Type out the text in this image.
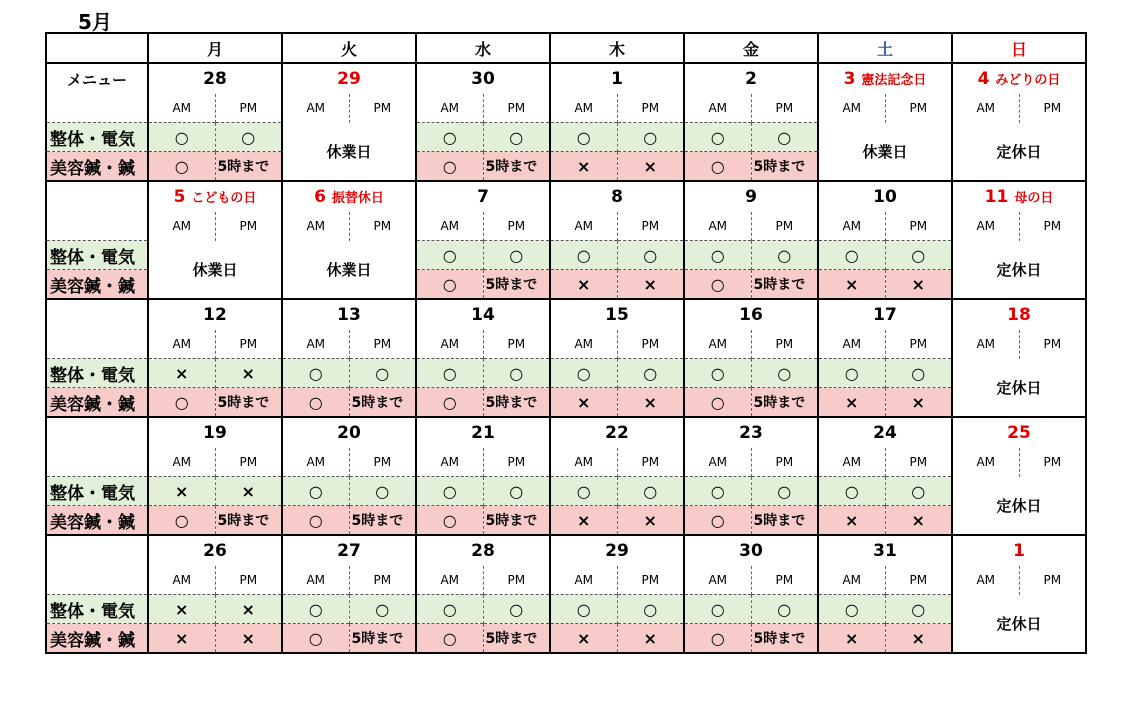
5月
	月		火		水		木		金		土		日	
メニュー	28		29		30		1		2		3 憲法記念日		4 みどりの日	
	AM	PM	AM	PM	AM	PM	AM	PM	AM	PM	AM	PM	AM	PM
整体・電気	○	○	休業日		○	○	○	○	○	○	休業日		定休日	
美容鍼・鍼	○	5時まで			○	5時まで	×	×	○	5時まで				
	5 こどもの日		6 振替休日		7		8		9		10		11 母の日	
	AM	PM	AM	PM	AM	PM	AM	PM	AM	PM	AM	PM	AM	PM
整体・電気	休業日		休業日		○	○	○	○	○	○	○	○	定休日	
美容鍼・鍼					○	5時まで	×	×	○	5時まで	×	×		
	12		13		14		15		16		17		18	
	AM	PM	AM	PM	AM	PM	AM	PM	AM	PM	AM	PM	AM	PM
整体・電気	×	×	○	○	○	○	○	○	○	○	○	○	定休日	
美容鍼・鍼	○	5時まで	○	5時まで	○	5時まで	×	×	○	5時まで	×	×		
	19		20		21		22		23		24		25	
	AM	PM	AM	PM	AM	PM	AM	PM	AM	PM	AM	PM	AM	PM
整体・電気	×	×	○	○	○	○	○	○	○	○	○	○	定休日	
美容鍼・鍼	○	5時まで	○	5時まで	○	5時まで	×	×	○	5時まで	×	×		
	26		27		28		29		30		31		1	
	AM	PM	AM	PM	AM	PM	AM	PM	AM	PM	AM	PM	AM	PM
整体・電気	×	×	○	○	○	○	○	○	○	○	○	○	定休日	
美容鍼・鍼	×	×	○	5時まで	○	5時まで	×	×	○	5時まで	×	×		
